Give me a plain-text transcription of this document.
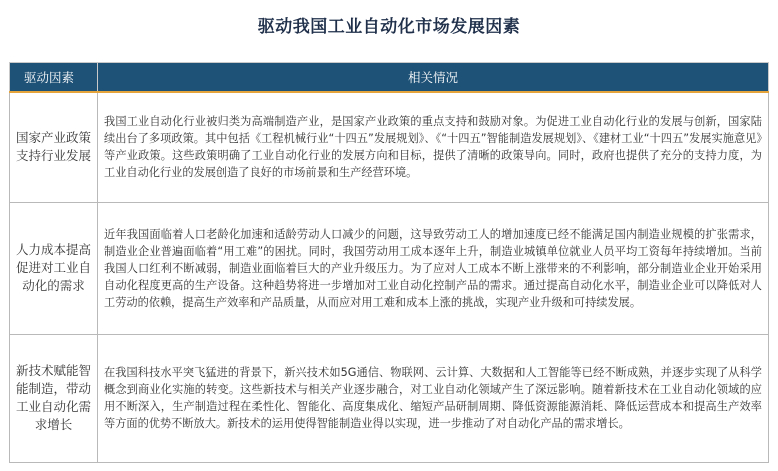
驱动我国工业自动化市场发展因素
驱动因素	相关情况
国家产业政策支持行业发展	我国工业自动化行业被归类为高端制造产业，是国家产业政策的重点支持和鼓励对象。为促进工业自动化行业的发展与创新，国家陆续出台了多项政策。其中包括《工程机械行业“十四五”发展规划》、《“十四五”智能制造发展规划》、《建材工业“十四五”发展实施意见》等产业政策。这些政策明确了工业自动化行业的发展方向和目标，提供了清晰的政策导向。同时，政府也提供了充分的支持力度，为工业自动化行业的发展创造了良好的市场前景和生产经营环境。
人力成本提高促进对工业自动化的需求	近年我国面临着人口老龄化加速和适龄劳动人口减少的问题，这导致劳动工人的增加速度已经不能满足国内制造业规模的扩张需求，制造业企业普遍面临着“用工难”的困扰。同时，我国劳动用工成本逐年上升，制造业城镇单位就业人员平均工资每年持续增加。当前我国人口红利不断减弱，制造业面临着巨大的产业升级压力。为了应对人工成本不断上涨带来的不利影响，部分制造业企业开始采用自动化程度更高的生产设备。这种趋势将进一步增加对工业自动化控制产品的需求。通过提高自动化水平，制造业企业可以降低对人工劳动的依赖，提高生产效率和产品质量，从而应对用工难和成本上涨的挑战，实现产业升级和可持续发展。
新技术赋能智能制造，带动工业自动化需求增长	在我国科技水平突飞猛进的背景下，新兴技术如5G通信、物联网、云计算、大数据和人工智能等已经不断成熟，并逐步实现了从科学概念到商业化实施的转变。这些新技术与相关产业逐步融合，对工业自动化领域产生了深远影响。随着新技术在工业自动化领域的应用不断深入，生产制造过程在柔性化、智能化、高度集成化、缩短产品研制周期、降低资源能源消耗、降低运营成本和提高生产效率等方面的优势不断放大。新技术的运用使得智能制造业得以实现，进一步推动了对自动化产品的需求增长。
